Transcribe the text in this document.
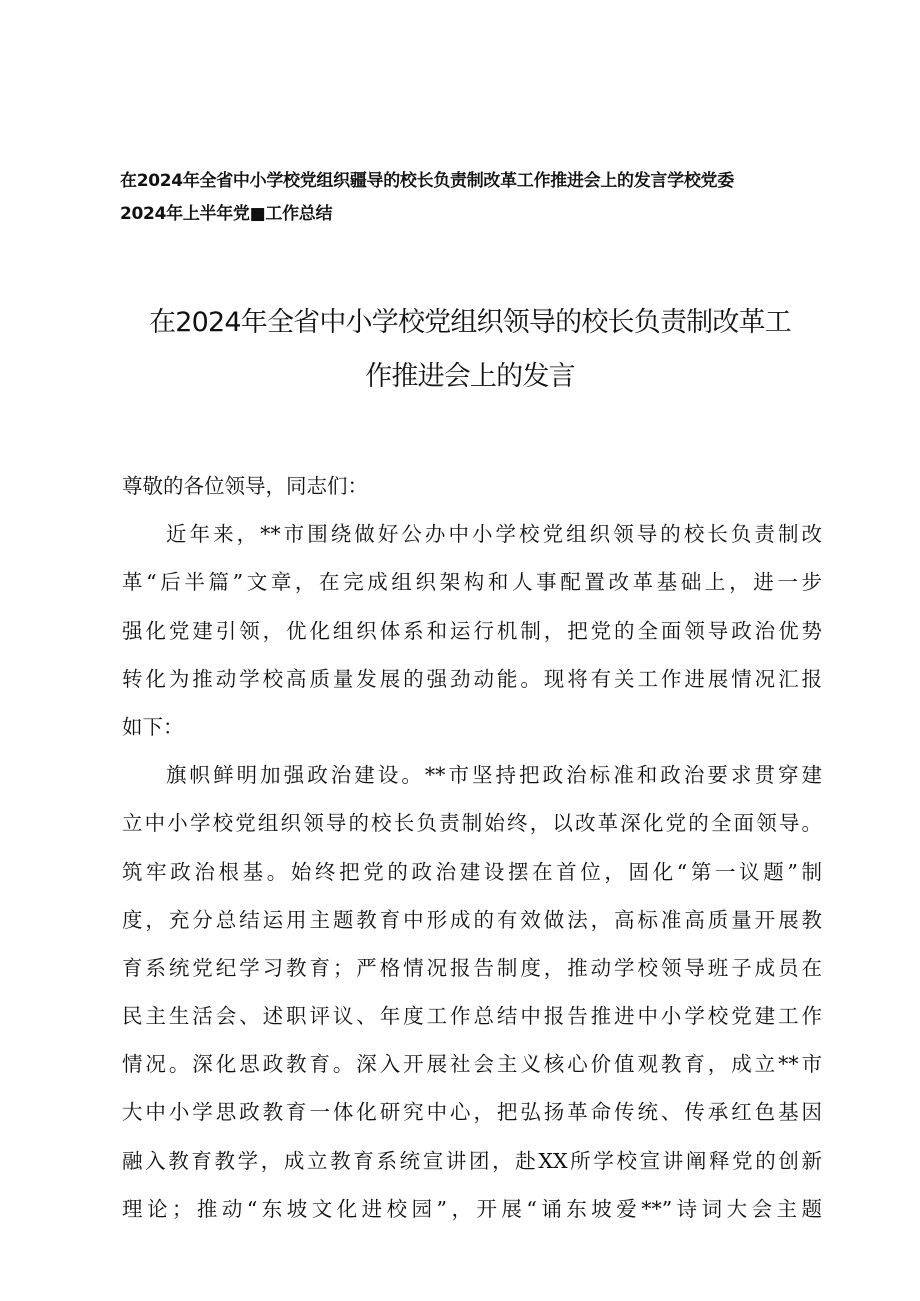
在2024年全省中小学校党组织疆导的校长负责制改革工作推进会上的发言学校党委
2024年上半年党■工作总结
在2024年全省中小学校党组织领导的校长负责制改革工
作推进会上的发言
尊敬的各位领导，同志们：
近年来，**市围绕做好公办中小学校党组织领导的校长负责制改
革“后半篇”文章，在完成组织架构和人事配置改革基础上，进一步
强化党建引领，优化组织体系和运行机制，把党的全面领导政治优势
转化为推动学校高质量发展的强劲动能。现将有关工作进展情况汇报
如下：
旗帜鲜明加强政治建设。**市坚持把政治标准和政治要求贯穿建
立中小学校党组织领导的校长负责制始终，以改革深化党的全面领导。
筑牢政治根基。始终把党的政治建设摆在首位，固化“第一议题”制
度，充分总结运用主题教育中形成的有效做法，高标准高质量开展教
育系统党纪学习教育；严格情况报告制度，推动学校领导班子成员在
民主生活会、述职评议、年度工作总结中报告推进中小学校党建工作
情况。深化思政教育。深入开展社会主义核心价值观教育，成立**市
大中小学思政教育一体化研究中心，把弘扬革命传统、传承红色基因
融入教育教学，成立教育系统宣讲团，赴XX所学校宣讲阐释党的创新
理论；推动“东坡文化进校园”，开展“诵东坡爱**”诗词大会主题
